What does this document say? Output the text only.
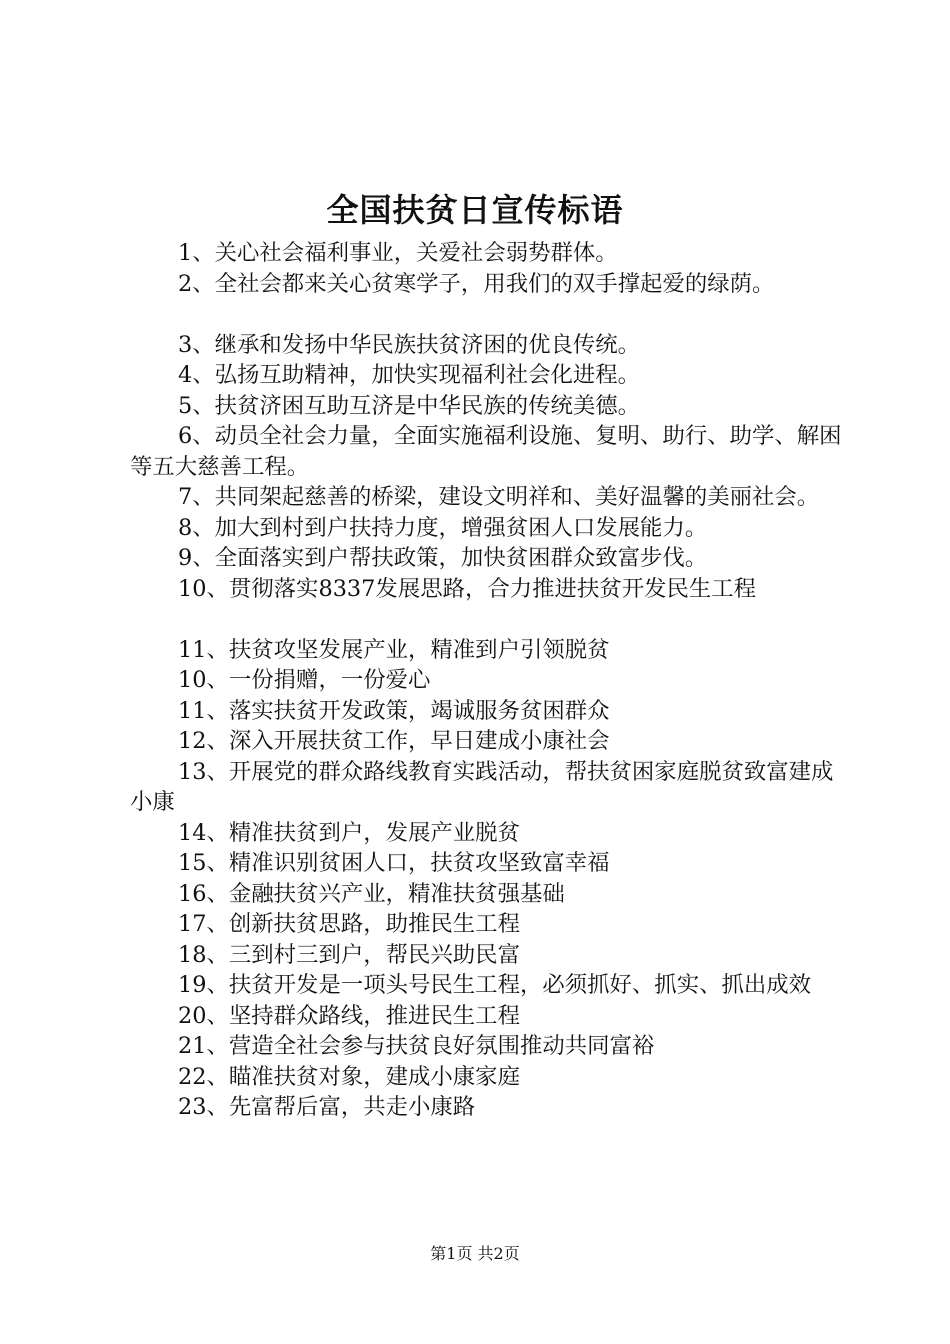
全国扶贫日宣传标语

1、关心社会福利事业，关爱社会弱势群体。

2、全社会都来关心贫寒学子，用我们的双手撑起爱的绿荫。

3、继承和发扬中华民族扶贫济困的优良传统。

4、弘扬互助精神，加快实现福利社会化进程。

5、扶贫济困互助互济是中华民族的传统美德。

6、动员全社会力量，全面实施福利设施、复明、助行、助学、解困等五大慈善工程。

7、共同架起慈善的桥梁，建设文明祥和、美好温馨的美丽社会。

8、加大到村到户扶持力度，增强贫困人口发展能力。

9、全面落实到户帮扶政策，加快贫困群众致富步伐。

10、贯彻落实8337发展思路，合力推进扶贫开发民生工程

11、扶贫攻坚发展产业，精准到户引领脱贫

10、一份捐赠，一份爱心

11、落实扶贫开发政策，竭诚服务贫困群众

12、深入开展扶贫工作，早日建成小康社会

13、开展党的群众路线教育实践活动，帮扶贫困家庭脱贫致富建成小康

14、精准扶贫到户，发展产业脱贫

15、精准识别贫困人口，扶贫攻坚致富幸福

16、金融扶贫兴产业，精准扶贫强基础

17、创新扶贫思路，助推民生工程

18、三到村三到户，帮民兴助民富

19、扶贫开发是一项头号民生工程，必须抓好、抓实、抓出成效

20、坚持群众路线，推进民生工程

21、营造全社会参与扶贫良好氛围推动共同富裕

22、瞄准扶贫对象，建成小康家庭

23、先富帮后富，共走小康路

第1页 共2页
